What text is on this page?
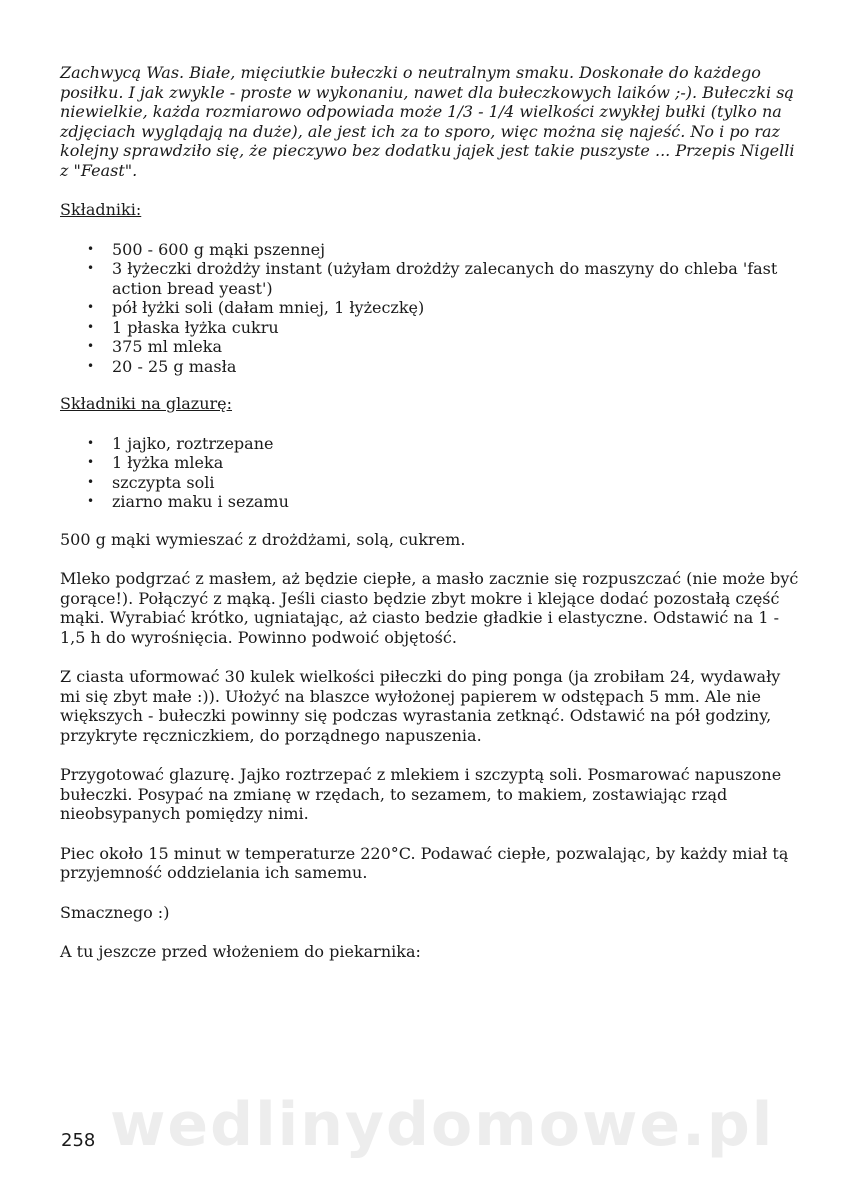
Zachwycą Was. Białe, mięciutkie bułeczki o neutralnym smaku. Doskonałe do każdego posiłku. I jak zwykle - proste w wykonaniu, nawet dla bułeczkowych laików ;-). Bułeczki są niewielkie, każda rozmiarowo odpowiada może 1/3 - 1/4 wielkości zwykłej bułki (tylko na zdjęciach wyglądają na duże), ale jest ich za to sporo, więc można się najeść. No i po raz kolejny sprawdziło się, że pieczywo bez dodatku jajek jest takie puszyste ... Przepis Nigelli z "Feast".

Składniki:
• 500 - 600 g mąki pszennej
• 3 łyżeczki drożdży instant (użyłam drożdży zalecanych do maszyny do chleba 'fast action bread yeast')
• pół łyżki soli (dałam mniej, 1 łyżeczkę)
• 1 płaska łyżka cukru
• 375 ml mleka
• 20 - 25 g masła
Składniki na glazurę:
• 1 jajko, roztrzepane
• 1 łyżka mleka
• szczypta soli
• ziarno maku i sezamu

500 g mąki wymieszać z drożdżami, solą, cukrem.

Mleko podgrzać z masłem, aż będzie ciepłe, a masło zacznie się rozpuszczać (nie może być gorące!). Połączyć z mąką. Jeśli ciasto będzie zbyt mokre i klejące dodać pozostałą część mąki. Wyrabiać krótko, ugniatając, aż ciasto bedzie gładkie i elastyczne. Odstawić na 1 - 1,5 h do wyrośnięcia. Powinno podwoić objętość.

Z ciasta uformować 30 kulek wielkości piłeczki do ping ponga (ja zrobiłam 24, wydawały mi się zbyt małe :)). Ułożyć na blaszce wyłożonej papierem w odstępach 5 mm. Ale nie większych - bułeczki powinny się podczas wyrastania zetknąć. Odstawić na pół godziny, przykryte ręczniczkiem, do porządnego napuszenia.

Przygotować glazurę. Jajko roztrzepać z mlekiem i szczyptą soli. Posmarować napuszone bułeczki. Posypać na zmianę w rzędach, to sezamem, to makiem, zostawiając rząd nieobsypanych pomiędzy nimi.

Piec około 15 minut w temperaturze 220°C. Podawać ciepłe, pozwalając, by każdy miał tą przyjemność oddzielania ich samemu.

Smacznego :)

A tu jeszcze przed włożeniem do piekarnika:

wedlinydomowe.pl
258
